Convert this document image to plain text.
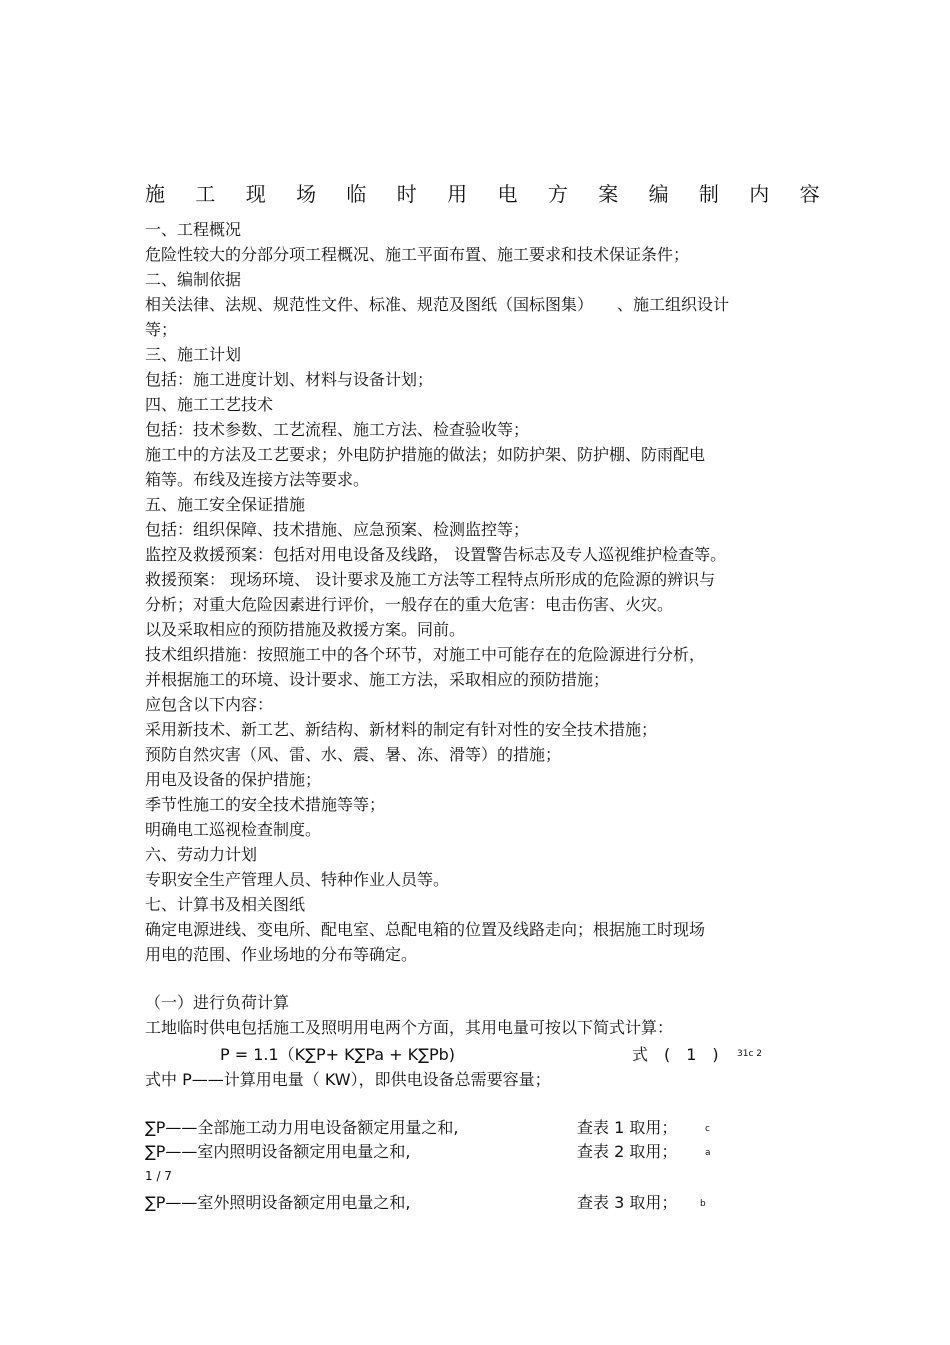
施 工 现 场 临 时 用 电 方 案 编 制 内 容
一、工程概况
危险性较大的分部分项工程概况、施工平面布置、施工要求和技术保证条件；
二、编制依据
相关法律、法规、规范性文件、标准、规范及图纸（国标图集）　　、施工组织设计
等；
三、施工计划
包括：施工进度计划、材料与设备计划；
四、施工工艺技术
包括：技术参数、工艺流程、施工方法、检查验收等；
施工中的方法及工艺要求；外电防护措施的做法；如防护架、防护棚、防雨配电
箱等。布线及连接方法等要求。
五、施工安全保证措施
包括：组织保障、技术措施、应急预案、检测监控等；
监控及救援预案：包括对用电设备及线路， 设置警告标志及专人巡视维护检查等。
救援预案： 现场环境、 设计要求及施工方法等工程特点所形成的危险源的辨识与
分析；对重大危险因素进行评价，一般存在的重大危害：电击伤害、火灾。
以及采取相应的预防措施及救援方案。同前。
技术组织措施：按照施工中的各个环节，对施工中可能存在的危险源进行分析，
并根据施工的环境、设计要求、施工方法，采取相应的预防措施；
应包含以下内容：
采用新技术、新工艺、新结构、新材料的制定有针对性的安全技术措施；
预防自然灾害（风、雷、水、震、暑、冻、滑等）的措施；
用电及设备的保护措施；
季节性施工的安全技术措施等等；
明确电工巡视检查制度。
六、劳动力计划
专职安全生产管理人员、特种作业人员等。
七、计算书及相关图纸
确定电源进线、变电所、配电室、总配电箱的位置及线路走向；根据施工时现场
用电的范围、作业场地的分布等确定。
（一）进行负荷计算
工地临时供电包括施工及照明用电两个方面，其用电量可按以下简式计算：
P = 1.1（K∑P+ K∑Pa + K∑Pb)	式　(　1　) 31c 2
式中 P——计算用电量（ KW），即供电设备总需要容量；
∑P——全部施工动力用电设备额定用量之和,	查表 1 取用；	c
∑P——室内照明设备额定用电量之和,	查表 2 取用；	a
1 / 7
∑P——室外照明设备额定用电量之和,	查表 3 取用；	b
